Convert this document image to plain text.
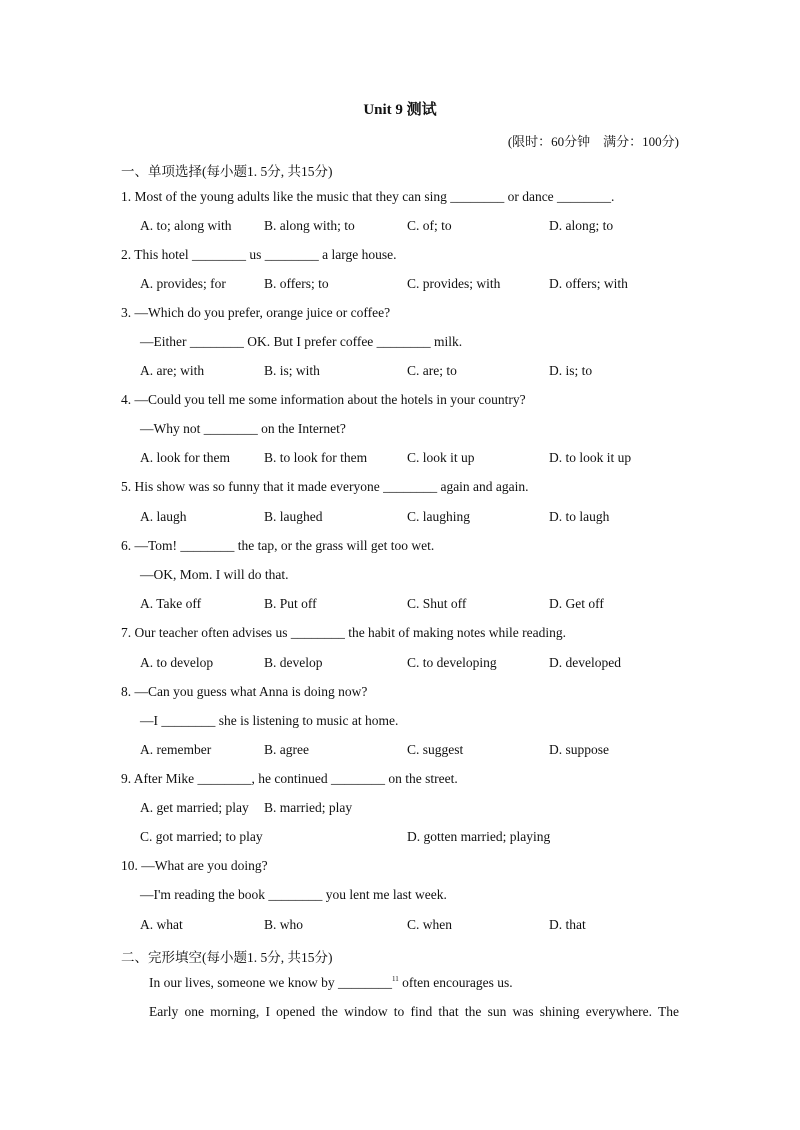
Unit 9 测试
(限时：60分钟　满分：100分)
一、单项选择(每小题1. 5分, 共15分)
1. Most of the young adults like the music that they can sing ________ or dance ________.
A. to; along with B. along with; to	C. of; to	D. along; to
2. This hotel ________ us ________ a large house.
A. provides; for	B. offers; to	C. provides; with	D. offers; with
3. —Which do you prefer, orange juice or coffee?
—Either ________ OK. But I prefer coffee ________ milk.
A. are; with	B. is; with	C. are; to	D. is; to
4. —Could you tell me some information about the hotels in your country?
—Why not ________ on the Internet?
A. look for them	B. to look for them	C. look it up	D. to look it up
5. His show was so funny that it made everyone ________ again and again.
A. laugh	B. laughed	C. laughing	D. to laugh
6. —Tom! ________ the tap, or the grass will get too wet.
—OK, Mom. I will do that.
A. Take off	B. Put off	C. Shut off	D. Get off
7. Our teacher often advises us ________ the habit of making notes while reading.
A. to develop	B. develop	C. to developing	D. developed
8. —Can you guess what Anna is doing now?
—I ________ she is listening to music at home.
A. remember	B. agree	C. suggest	D. suppose
9. After Mike ________, he continued ________ on the street.
A. get married; play B. married; play
C. got married; to play	D. gotten married; playing
10. —What are you doing?
—I'm reading the book ________ you lent me last week.
A. what	B. who	C. when	D. that
二、完形填空(每小题1. 5分, 共15分)
In our lives, someone we know by ________$^{11}$ often encourages us.
Early one morning, I opened the window to find that the sun was shining everywhere. The
